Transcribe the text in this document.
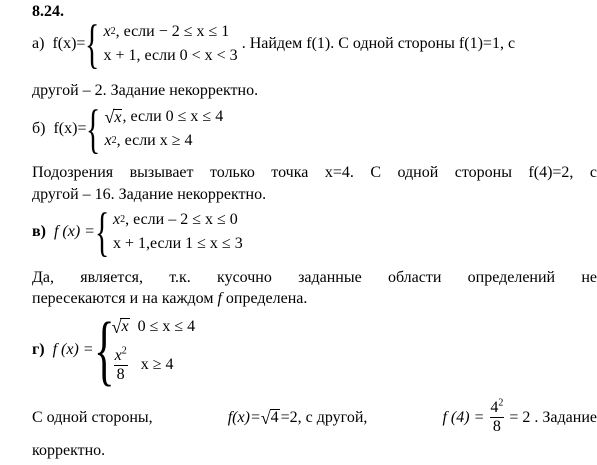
8.24.
а) f(x)= { x 2 , если − 2 ≤ x ≤ 1
x + 1 , если 0 < x < 3
. Найдем f(1). С одной стороны f(1)=1, с
другой – 2. Задание некорректно.
б) f(x)= { √ x , если 0 ≤ x ≤ 4
x 2 , если x ≥ 4
Подозрения вызывает только точка x=4. С одной стороны f(4)=2, с
другой – 16. Задание некорректно.
в) f (x) = { x 2 , если – 2 ≤ x ≤ 0
x + 1, если 1 ≤ x ≤ 3
Да, является, т.к. кусочно заданные области определений не
пересекаются и на каждом f определена.
г) f (x) = {
√ x 0 ≤ x ≤ 4
$\frac{x^2}{8}$ x ≥ 4
С одной стороны,	f(x)= √ 4 =2, с другой,	f $(4) = \frac{4^2}{8} = 2$ . Задание
корректно.
